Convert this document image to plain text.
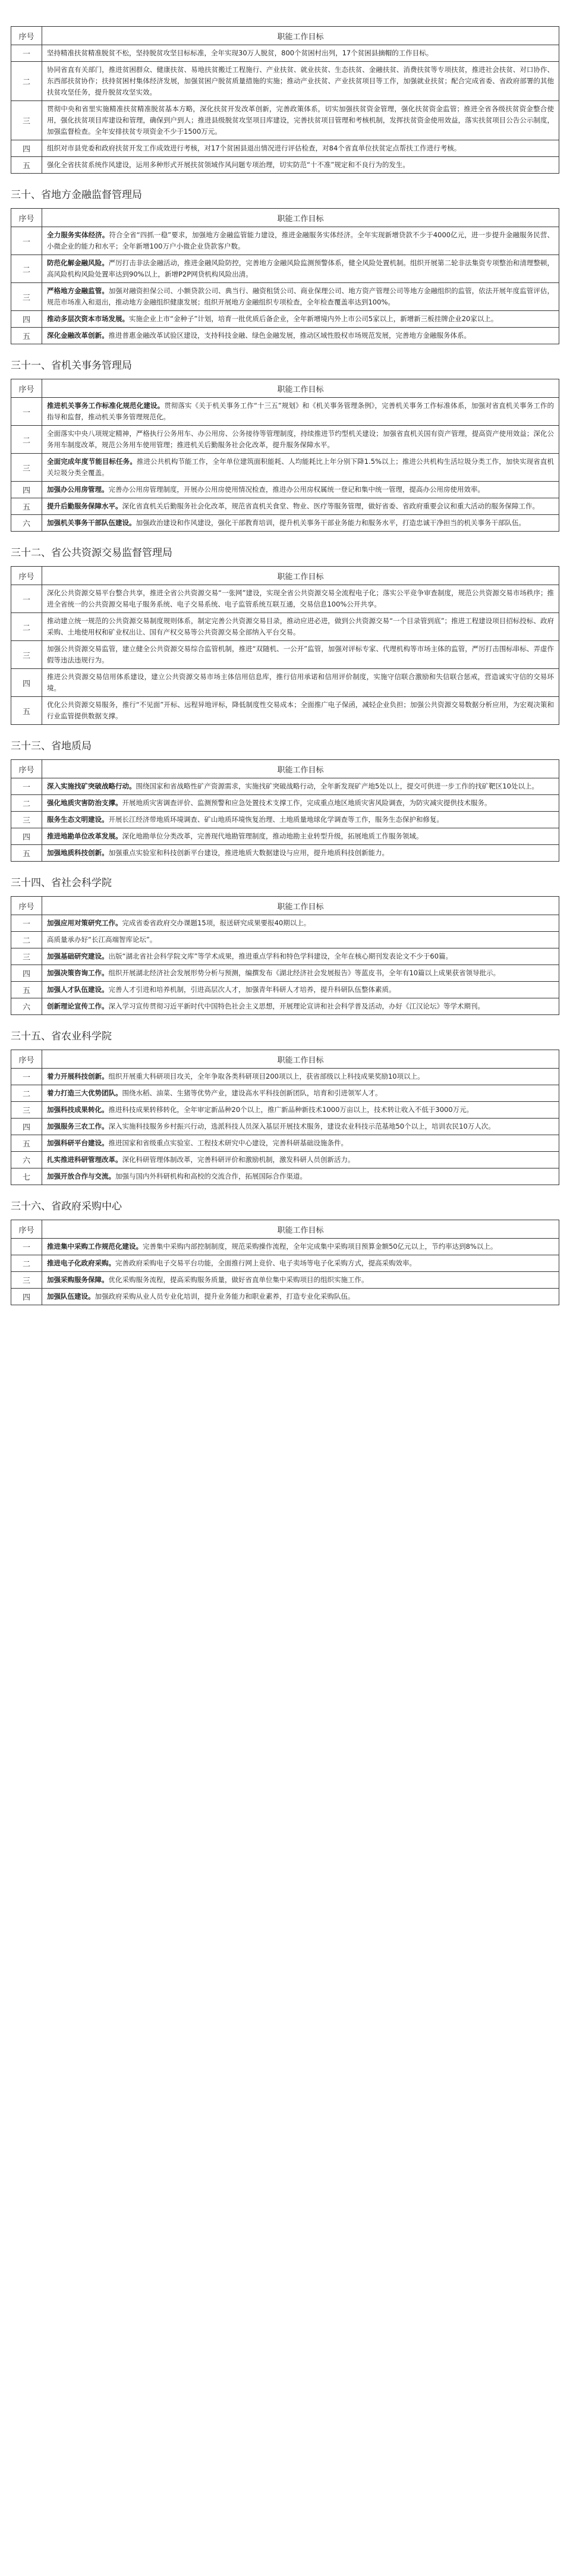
序号	职能工作目标
一	坚持精准扶贫精准脱贫不松，坚持脱贫攻坚目标标准，全年实现30万人脱贫，800个贫困村出列，17个贫困县摘帽的工作目标。
二	协同省直有关部门，推进贫困群众、健康扶贫、易地扶贫搬迁工程施行、产业扶贫、就业扶贫、生态扶贫、金融扶贫、消费扶贫等专项扶贫，推进社会扶贫、对口协作、东西部扶贫协作；扶持贫困村集体经济发展，加强贫困户脱贫质量措施的实施；推动产业扶贫、产业扶贫项目等工作，加强就业扶贫；配合完成省委、省政府部署的其他扶贫攻坚任务，提升脱贫攻坚实效。
三	贯彻中央和省里实施精准扶贫精准脱贫基本方略，深化扶贫开发改革创新，完善政策体系，切实加强扶贫资金管理，强化扶贫资金监管；推进全省各级扶贫资金整合使用，强化扶贫项目库建设和管理，确保到户到人；推进县级脱贫攻坚项目库建设，完善扶贫项目管理和考核机制，发挥扶贫资金使用效益，落实扶贫项目公告公示制度，加强监督检查。全年安排扶贫专项资金不少于1500万元。
四	组织对市县党委和政府扶贫开发工作成效进行考核，对17个贫困县退出情况进行评估检查，对84个省直单位扶贫定点帮扶工作进行考核。
五	强化全省扶贫系统作风建设，运用多种形式开展扶贫领域作风问题专项治理，切实防范“十不准”规定和不良行为的发生。
三十、省地方金融监督管理局
序号	职能工作目标
一	全力服务实体经济。符合全省“四抓一稳”要求，加强地方金融监管能力建设，推进金融服务实体经济。全年实现新增贷款不少于4000亿元，进一步提升金融服务民营、小微企业的能力和水平；全年新增100万户小微企业贷款客户数。
二	防范化解金融风险。严厉打击非法金融活动，推进金融风险防控，完善地方金融风险监测预警体系，健全风险处置机制。组织开展第二轮非法集资专项整治和清理整顿，高风险机构风险处置率达到90%以上，新增P2P网贷机构风险出清。
三	严格地方金融监管。加强对融资担保公司、小额贷款公司、典当行、融资租赁公司、商业保理公司、地方资产管理公司等地方金融组织的监管，依法开展年度监管评估，规范市场准入和退出，推动地方金融组织健康发展；组织开展地方金融组织专项检查，全年检查覆盖率达到100%。
四	推动多层次资本市场发展。实施企业上市“金种子”计划，培育一批优质后备企业，全年新增境内外上市公司5家以上，新增新三板挂牌企业20家以上。
五	深化金融改革创新。推进普惠金融改革试验区建设，支持科技金融、绿色金融发展，推动区域性股权市场规范发展，完善地方金融服务体系。
三十一、省机关事务管理局
序号	职能工作目标
一	推进机关事务工作标准化规范化建设。贯彻落实《关于机关事务工作“十三五”规划》和《机关事务管理条例》，完善机关事务工作标准体系，加强对省直机关事务工作的指导和监督，推动机关事务管理规范化。
二	全面落实中央八项规定精神，严格执行公务用车、办公用房、公务接待等管理制度，持续推进节约型机关建设；加强省直机关国有资产管理，提高资产使用效益；深化公务用车制度改革，规范公务用车使用管理；推进机关后勤服务社会化改革，提升服务保障水平。
三	全面完成年度节能目标任务。推进公共机构节能工作，全年单位建筑面积能耗、人均能耗比上年分别下降1.5%以上；推进公共机构生活垃圾分类工作，加快实现省直机关垃圾分类全覆盖。
四	加强办公用房管理。完善办公用房管理制度，开展办公用房使用情况检查，推进办公用房权属统一登记和集中统一管理，提高办公用房使用效率。
五	提升后勤服务保障水平。深化省直机关后勤服务社会化改革，规范省直机关食堂、物业、医疗等服务管理，做好省委、省政府重要会议和重大活动的服务保障工作。
六	加强机关事务干部队伍建设。加强政治建设和作风建设，强化干部教育培训，提升机关事务干部业务能力和服务水平，打造忠诚干净担当的机关事务干部队伍。
三十二、省公共资源交易监督管理局
序号	职能工作目标
一	深化公共资源交易平台整合共享，推进全省公共资源交易“一张网”建设，实现全省公共资源交易全流程电子化；落实公平竞争审查制度，规范公共资源交易市场秩序；推进全省统一的公共资源交易电子服务系统、电子交易系统、电子监管系统互联互通，交易信息100%公开共享。
二	推动建立统一规范的公共资源交易制度规则体系，制定完善公共资源交易目录，推动应进必进，做到公共资源交易“一个目录管到底”；推进工程建设项目招标投标、政府采购、土地使用权和矿业权出让、国有产权交易等公共资源交易全部纳入平台交易。
三	加强公共资源交易监管，建立健全公共资源交易综合监管机制，推进“双随机、一公开”监管，加强对评标专家、代理机构等市场主体的监管，严厉打击围标串标、弄虚作假等违法违规行为。
四	推进公共资源交易信用体系建设，建立公共资源交易市场主体信用信息库，推行信用承诺和信用评价制度，实施守信联合激励和失信联合惩戒，营造诚实守信的交易环境。
五	优化公共资源交易服务，推行“不见面”开标、远程异地评标，降低制度性交易成本；全面推广电子保函，减轻企业负担；加强公共资源交易数据分析应用，为宏观决策和行业监管提供数据支撑。
三十三、省地质局
序号	职能工作目标
一	深入实施找矿突破战略行动。围绕国家和省战略性矿产资源需求，实施找矿突破战略行动，全年新发现矿产地5处以上，提交可供进一步工作的找矿靶区10处以上。
二	强化地质灾害防治支撑。开展地质灾害调查评价、监测预警和应急处置技术支撑工作，完成重点地区地质灾害风险调查，为防灾减灾提供技术服务。
三	服务生态文明建设。开展长江经济带地质环境调查、矿山地质环境恢复治理、土地质量地球化学调查等工作，服务生态保护和修复。
四	推进地勘单位改革发展。深化地勘单位分类改革，完善现代地勘管理制度，推动地勘主业转型升级，拓展地质工作服务领域。
五	加强地质科技创新。加强重点实验室和科技创新平台建设，推进地质大数据建设与应用，提升地质科技创新能力。
三十四、省社会科学院
序号	职能工作目标
一	加强应用对策研究工作。完成省委省政府交办课题15项，报送研究成果要报40期以上。
二	高质量承办好“长江高端智库论坛”。
三	加强基础研究建设。出版“湖北省社会科学院文库”等学术成果，推进重点学科和特色学科建设，全年在核心期刊发表论文不少于60篇。
四	加强决策咨询工作。组织开展湖北经济社会发展形势分析与预测，编撰发布《湖北经济社会发展报告》等蓝皮书，全年有10篇以上成果获省领导批示。
五	加强人才队伍建设。完善人才引进和培养机制，引进高层次人才，加强青年科研人才培养，提升科研队伍整体素质。
六	创新理论宣传工作。深入学习宣传贯彻习近平新时代中国特色社会主义思想，开展理论宣讲和社会科学普及活动，办好《江汉论坛》等学术期刊。
三十五、省农业科学院
序号	职能工作目标
一	着力开展科技创新。组织开展重大科研项目攻关，全年争取各类科研项目200项以上，获省部级以上科技成果奖励10项以上。
二	着力打造三大优势团队。围绕水稻、油菜、生猪等优势产业，建设高水平科技创新团队，培育和引进领军人才。
三	加强科技成果转化。推进科技成果转移转化，全年审定新品种20个以上，推广新品种新技术1000万亩以上，技术转让收入不低于3000万元。
四	加强服务三农工作。深入实施科技服务乡村振兴行动，选派科技人员深入基层开展技术服务，建设农业科技示范基地50个以上，培训农民10万人次。
五	加强科研平台建设。推进国家和省级重点实验室、工程技术研究中心建设，完善科研基础设施条件。
六	扎实推进科研管理改革。深化科研管理体制改革，完善科研评价和激励机制，激发科研人员创新活力。
七	加强开放合作与交流。加强与国内外科研机构和高校的交流合作，拓展国际合作渠道。
三十六、省政府采购中心
序号	职能工作目标
一	推进集中采购工作规范化建设。完善集中采购内部控制制度，规范采购操作流程，全年完成集中采购项目预算金额50亿元以上，节约率达到8%以上。
二	推进电子化政府采购。完善政府采购电子交易平台功能，全面推行网上竞价、电子卖场等电子化采购方式，提高采购效率。
三	加强采购服务保障。优化采购服务流程，提高采购服务质量，做好省直单位集中采购项目的组织实施工作。
四	加强队伍建设。加强政府采购从业人员专业化培训，提升业务能力和职业素养，打造专业化采购队伍。
